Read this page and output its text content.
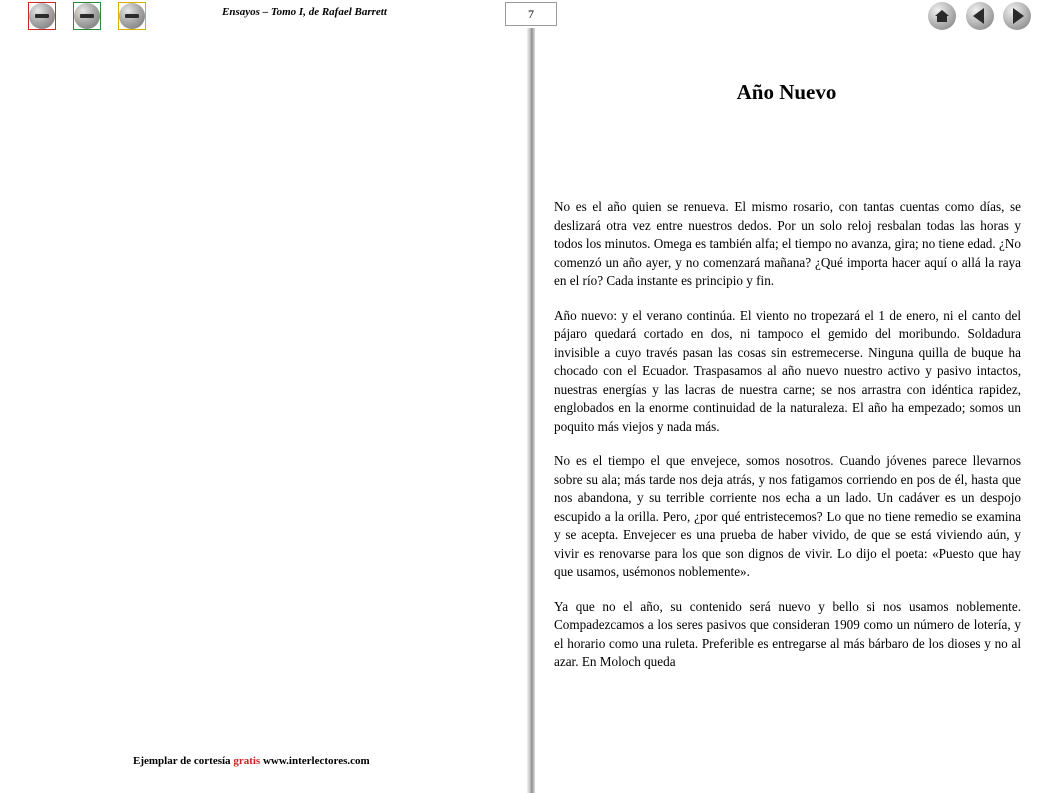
Ensayos – Tomo I, de Rafael Barrett	7
Año Nuevo

No es el año quien se renueva. El mismo rosario, con tantas cuentas como días, se deslizará otra vez entre nuestros dedos. Por un solo reloj resbalan todas las horas y todos los minutos. Omega es también alfa; el tiempo no avanza, gira; no tiene edad. ¿No comenzó un año ayer, y no comenzará mañana? ¿Qué importa hacer aquí o allá la raya en el río? Cada instante es principio y fin.

Año nuevo: y el verano continúa. El viento no tropezará el 1 de enero, ni el canto del pájaro quedará cortado en dos, ni tampoco el gemido del moribundo. Soldadura invisible a cuyo través pasan las cosas sin estremecerse. Ninguna quilla de buque ha chocado con el Ecuador. Traspasamos al año nuevo nuestro activo y pasivo intactos, nuestras energías y las lacras de nuestra carne; se nos arrastra con idéntica rapidez, englobados en la enorme continuidad de la naturaleza. El año ha empezado; somos un poquito más viejos y nada más.

No es el tiempo el que envejece, somos nosotros. Cuando jóvenes parece llevarnos sobre su ala; más tarde nos deja atrás, y nos fatigamos corriendo en pos de él, hasta que nos abandona, y su terrible corriente nos echa a un lado. Un cadáver es un despojo escupido a la orilla. Pero, ¿por qué entristecemos? Lo que no tiene remedio se examina y se acepta. Envejecer es una prueba de haber vivido, de que se está viviendo aún, y vivir es renovarse para los que son dignos de vivir. Lo dijo el poeta: «Puesto que hay que usamos, usémonos noblemente».

Ya que no el año, su contenido será nuevo y bello si nos usamos noblemente. Compadezcamos a los seres pasivos que consideran 1909 como un número de lotería, y el horario como una ruleta. Preferible es entregarse al más bárbaro de los dioses y no al azar. En Moloch queda

Ejemplar de cortesía gratis www.interlectores.com
